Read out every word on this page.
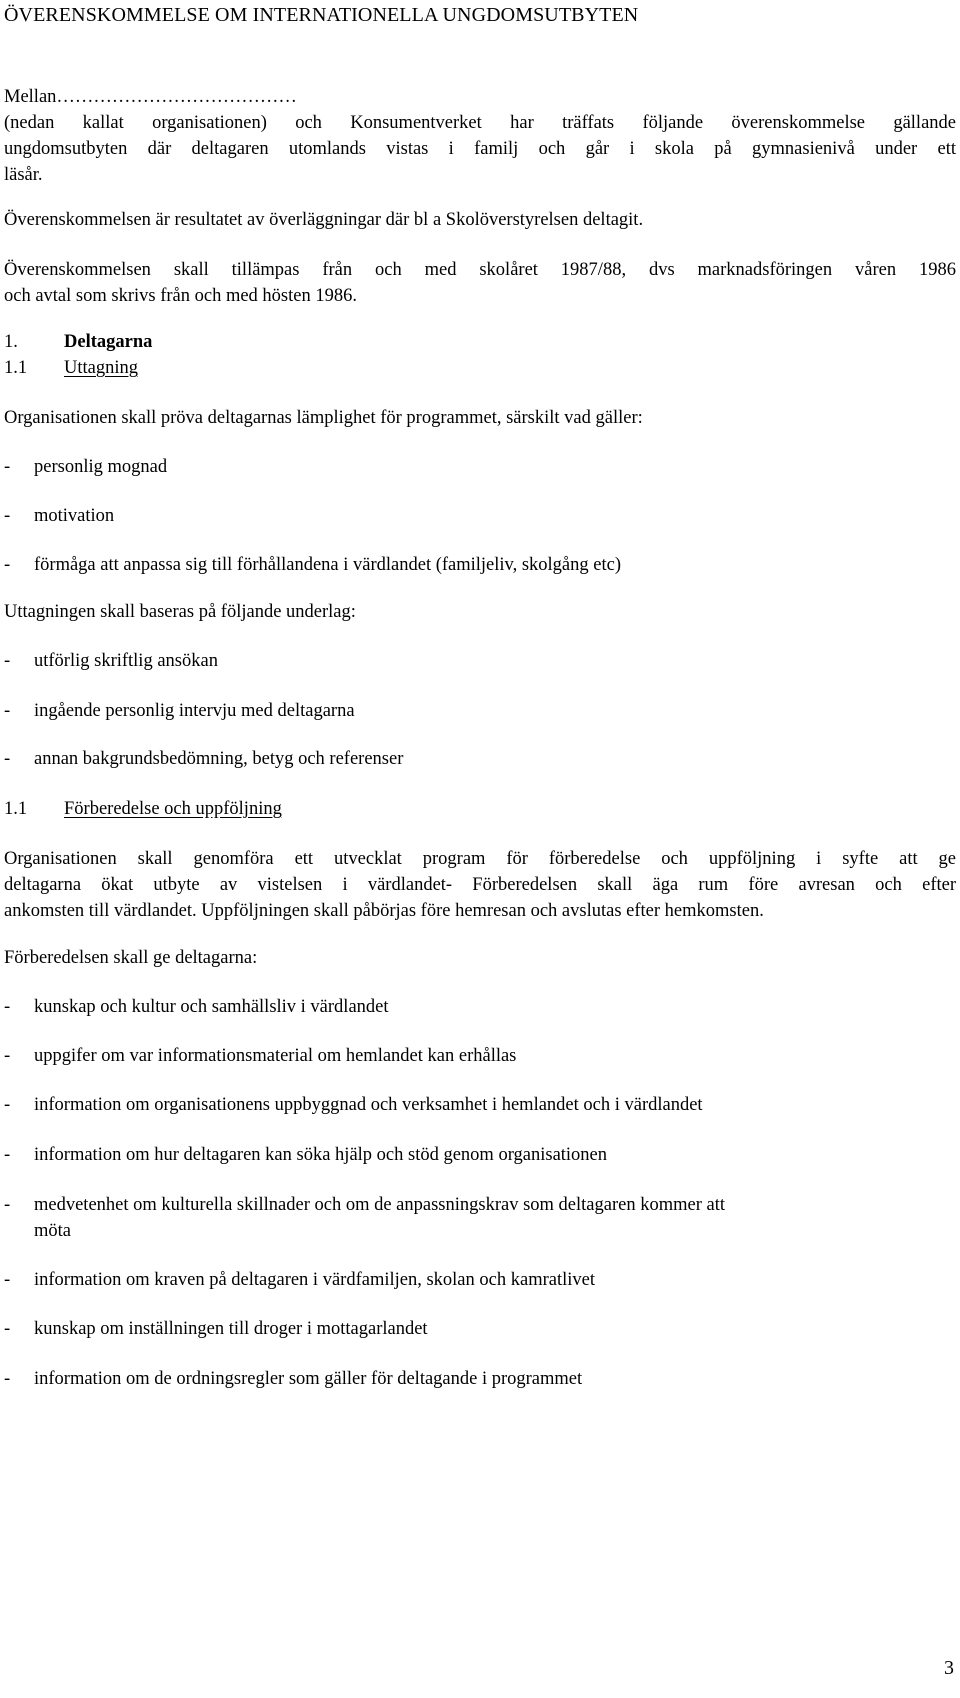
ÖVERENSKOMMELSE OM INTERNATIONELLA UNGDOMSUTBYTEN
Mellan…………………………………
(nedan kallat organisationen) och Konsumentverket har träffats följande överenskommelse gällande
ungdomsutbyten där deltagaren utomlands vistas i familj och går i skola på gymnasienivå under ett
läsår.
Överenskommelsen är resultatet av överläggningar där bl a Skolöverstyrelsen deltagit.
Överenskommelsen skall tillämpas från och med skolåret 1987/88, dvs marknadsföringen våren 1986
och avtal som skrivs från och med hösten 1986.
1. Deltagarna
1.1 Uttagning
Organisationen skall pröva deltagarnas lämplighet för programmet, särskilt vad gäller:
- personlig mognad
- motivation
- förmåga att anpassa sig till förhållandena i värdlandet (familjeliv, skolgång etc)
Uttagningen skall baseras på följande underlag:
- utförlig skriftlig ansökan
- ingående personlig intervju med deltagarna
- annan bakgrundsbedömning, betyg och referenser
1.1 Förberedelse och uppföljning
Organisationen skall genomföra ett utvecklat program för förberedelse och uppföljning i syfte att ge
deltagarna ökat utbyte av vistelsen i värdlandet- Förberedelsen skall äga rum före avresan och efter
ankomsten till värdlandet. Uppföljningen skall påbörjas före hemresan och avslutas efter hemkomsten.
Förberedelsen skall ge deltagarna:
- kunskap och kultur och samhällsliv i värdlandet
- uppgifer om var informationsmaterial om hemlandet kan erhållas
- information om organisationens uppbyggnad och verksamhet i hemlandet och i värdlandet
- information om hur deltagaren kan söka hjälp och stöd genom organisationen
- medvetenhet om kulturella skillnader och om de anpassningskrav som deltagaren kommer att
möta
- information om kraven på deltagaren i värdfamiljen, skolan och kamratlivet
- kunskap om inställningen till droger i mottagarlandet
- information om de ordningsregler som gäller för deltagande i programmet
3
